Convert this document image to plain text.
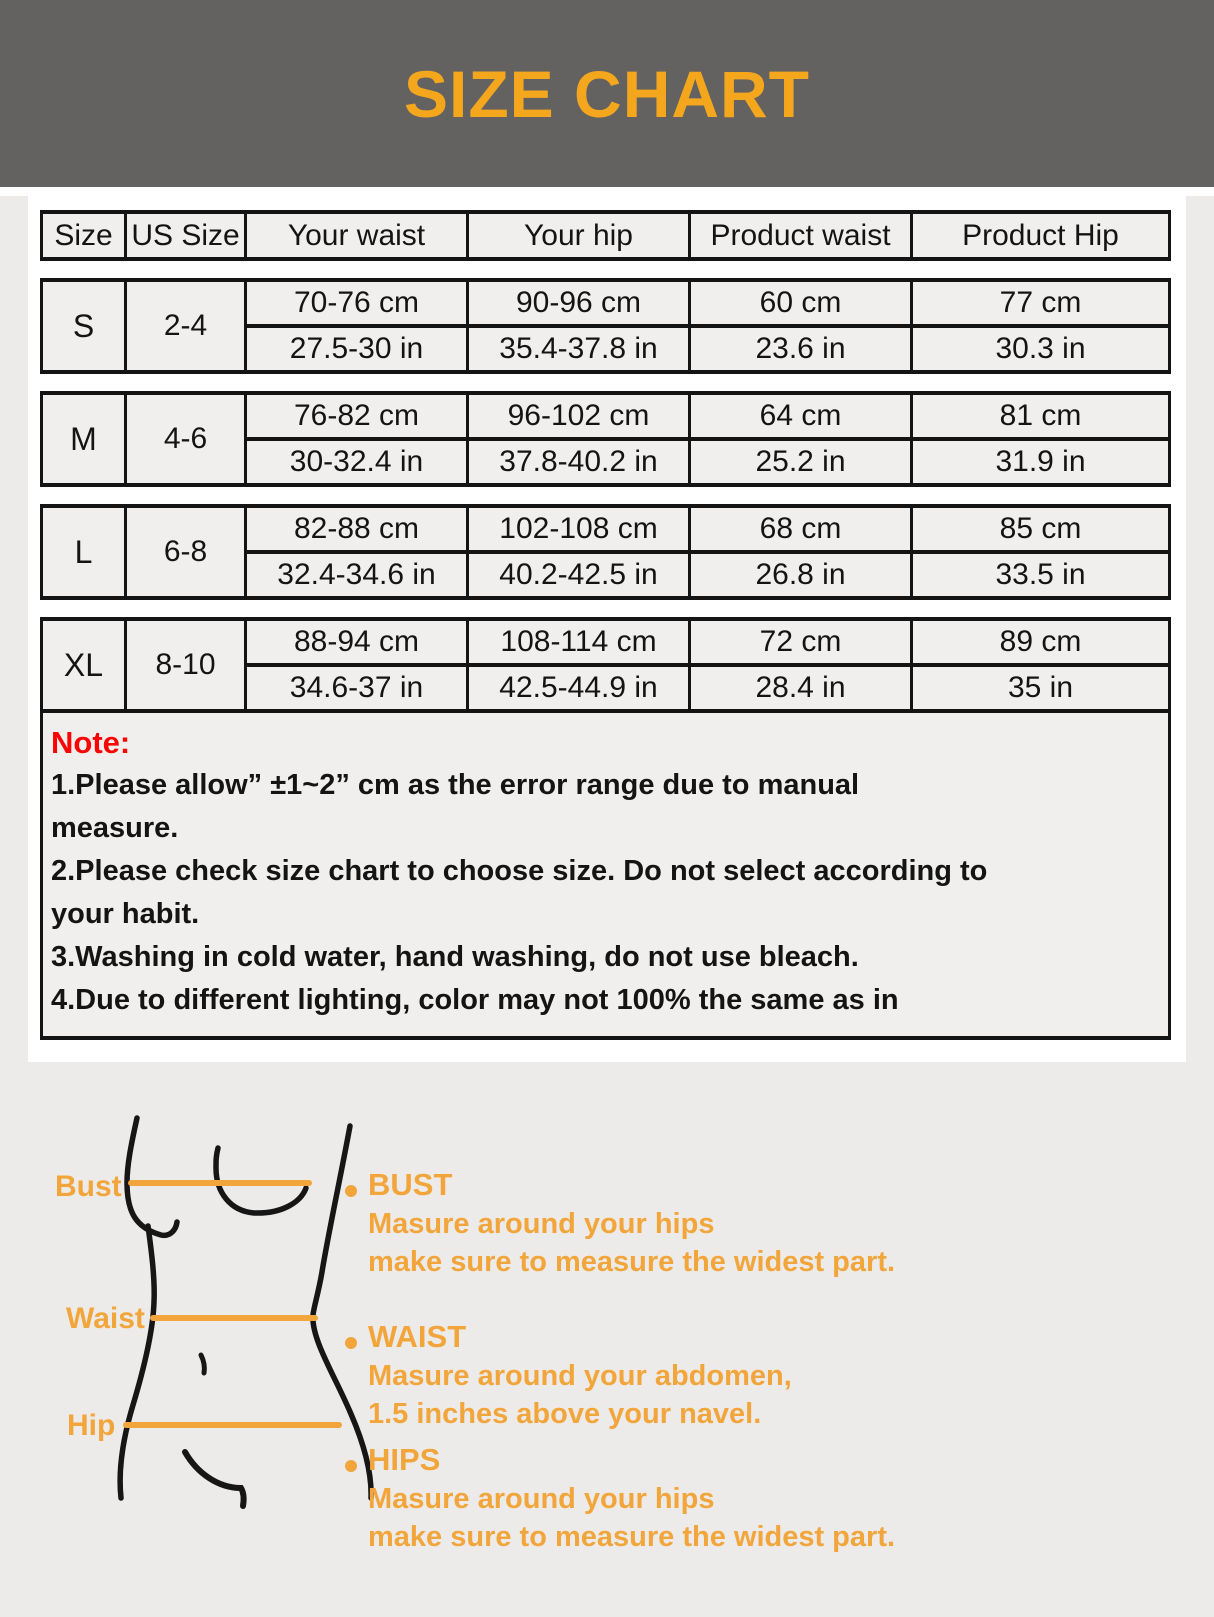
SIZE CHART
Size	US Size	Your waist	Your hip	Product waist	Product Hip

S	2-4	70-76 cm	90-96 cm	60 cm	77 cm
		27.5-30 in	35.4-37.8 in	23.6 in	30.3 in

M	4-6	76-82 cm	96-102 cm	64 cm	81 cm
		30-32.4 in	37.8-40.2 in	25.2 in	31.9 in

L	6-8	82-88 cm	102-108 cm	68 cm	85 cm
		32.4-34.6 in	40.2-42.5 in	26.8 in	33.5 in

XL	8-10	88-94 cm	108-114 cm	72 cm	89 cm
		34.6-37 in	42.5-44.9 in	28.4 in	35 in

Note:
1.Please allow” ±1~2” cm as the error range due to manual
measure.
2.Please check size chart to choose size. Do not select according to
your habit.
3.Washing in cold water, hand washing, do not use bleach.
4.Due to different lighting, color may not 100% the same as in
Bust
Waist
Hip
BUST
Masure around your hips
make sure to measure the widest part.
WAIST
Masure around your abdomen,
1.5 inches above your navel.
HIPS
Masure around your hips
make sure to measure the widest part.
